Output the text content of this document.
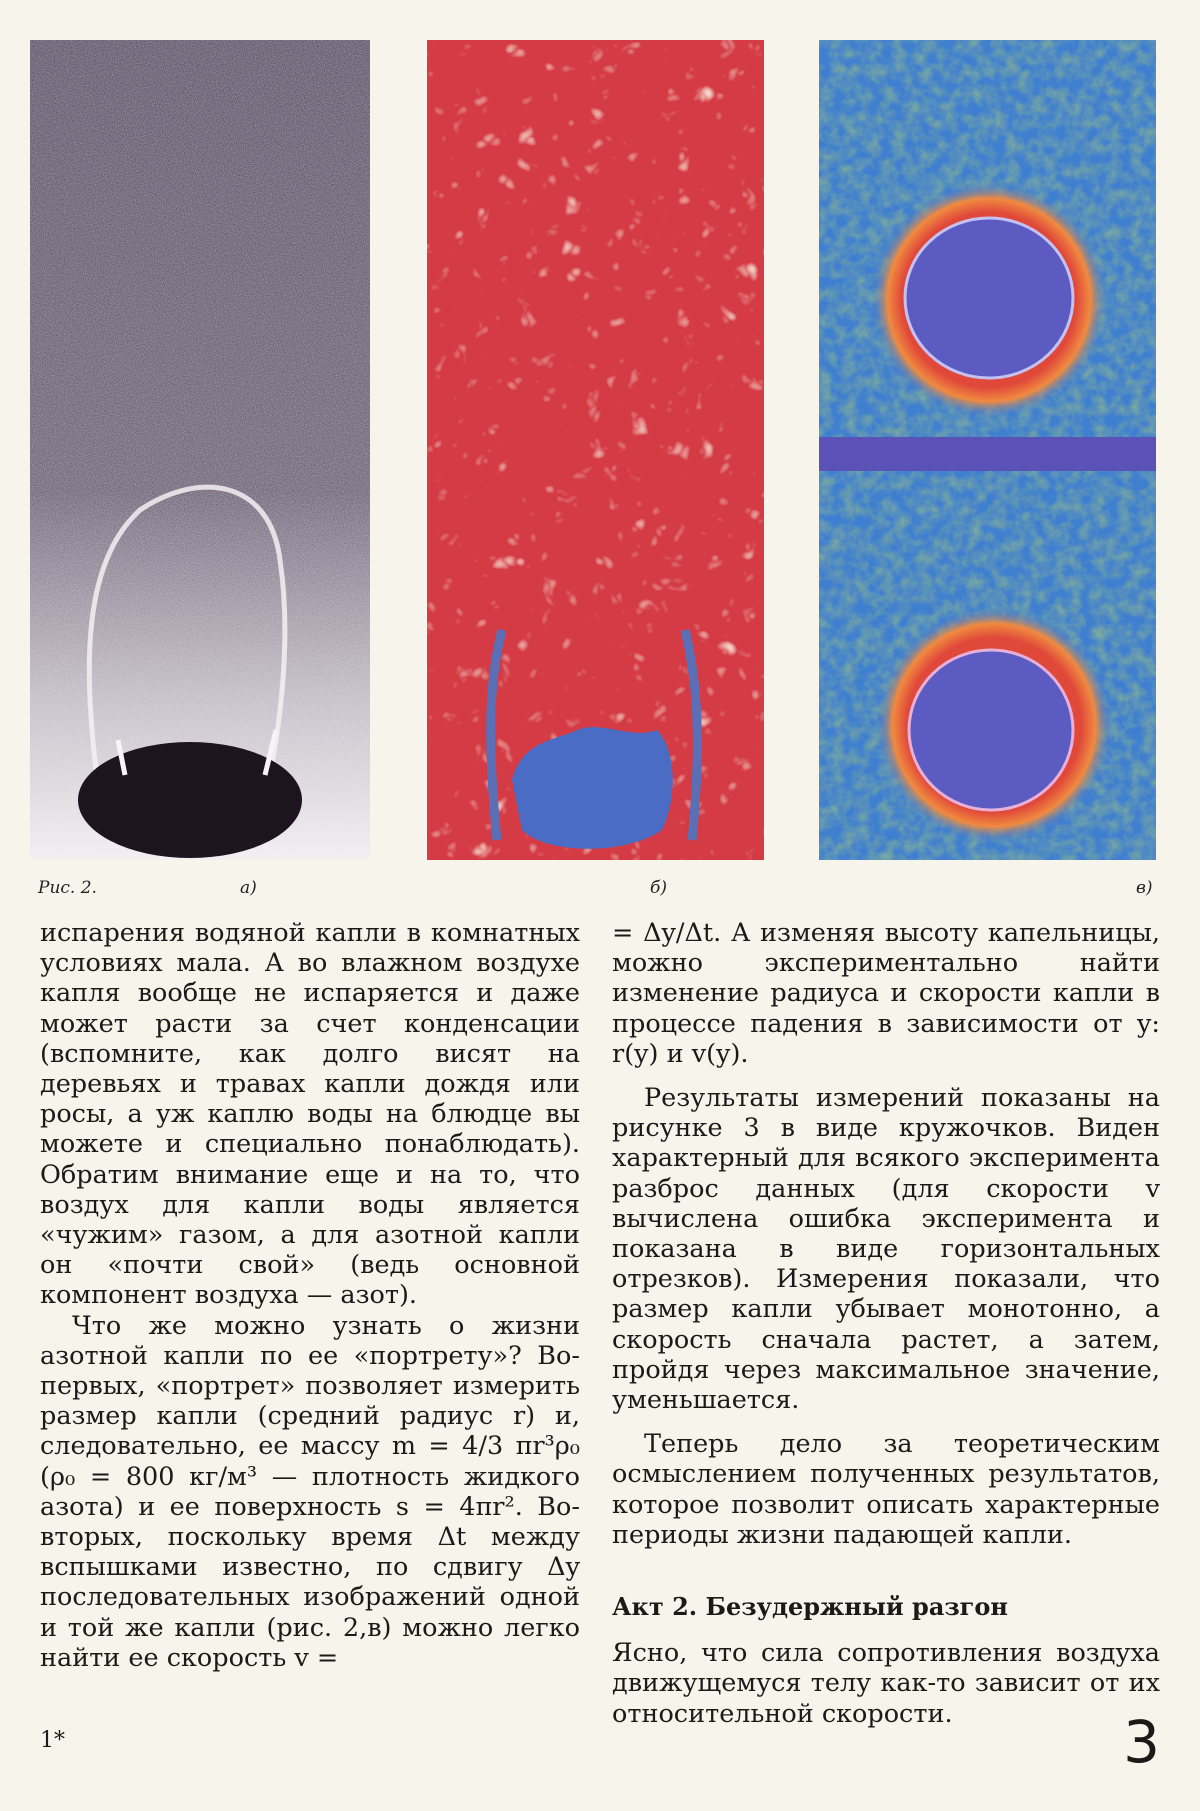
Рис. 2.	а)	б)	в)

испарения водяной капли в комнатных условиях мала. А во влажном воздухе капля вообще не испаряется и даже может расти за счет конденсации (вспомните, как долго висят на деревьях и травах капли дождя или росы, а уж каплю воды на блюдце вы можете и специально понаблюдать). Обратим внимание еще и на то, что воздух для капли воды является «чужим» газом, а для азотной капли он «почти свой» (ведь основной компонент воздуха — азот).

Что же можно узнать о жизни азотной капли по ее «портрету»? Во-первых, «портрет» позволяет измерить размер капли (средний радиус r) и, следовательно, ее массу m = 4/3 πr³ρ₀ (ρ₀ = 800 кг/м³ — плотность жидкого азота) и ее поверхность s = 4πr². Во-вторых, поскольку время Δt между вспышками известно, по сдвигу Δy последовательных изображений одной и той же капли (рис. 2,в) можно легко найти ее скорость v =

= Δy/Δt. А изменяя высоту капельницы, можно экспериментально найти изменение радиуса и скорости капли в процессе падения в зависимости от y: r(y) и v(y).

Результаты измерений показаны на рисунке 3 в виде кружочков. Виден характерный для всякого эксперимента разброс данных (для скорости v вычислена ошибка эксперимента и показана в виде горизонтальных отрезков). Измерения показали, что размер капли убывает монотонно, а скорость сначала растет, а затем, пройдя через максимальное значение, уменьшается.

Теперь дело за теоретическим осмыслением полученных результатов, которое позволит описать характерные периоды жизни падающей капли.

Акт 2. Безудержный разгон

Ясно, что сила сопротивления воздуха движущемуся телу как-то зависит от их относительной скорости.

1*	3
